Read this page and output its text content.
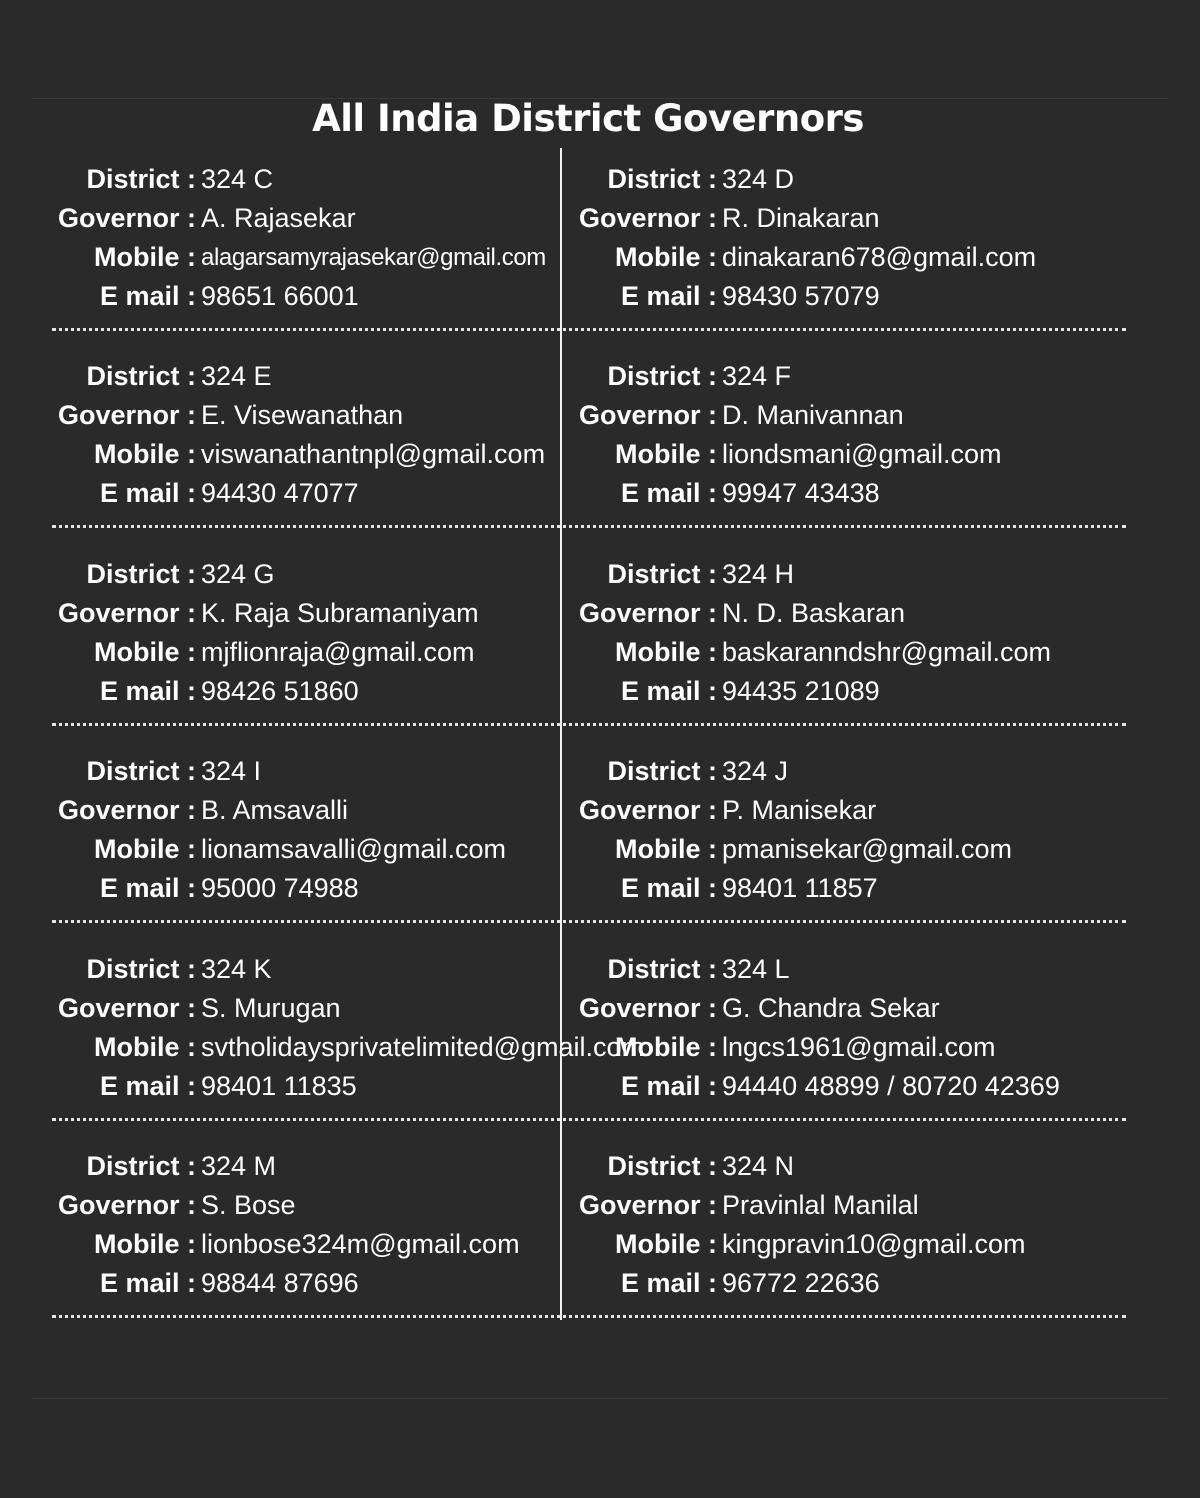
All India District Governors
District : 324 C
Governor : A. Rajasekar
Mobile : alagarsamyrajasekar@gmail.com
E mail : 98651 66001
District : 324 D
Governor : R. Dinakaran
Mobile : dinakaran678@gmail.com
E mail : 98430 57079
District : 324 E
Governor : E. Visewanathan
Mobile : viswanathantnpl@gmail.com
E mail : 94430 47077
District : 324 F
Governor : D. Manivannan
Mobile : liondsmani@gmail.com
E mail : 99947 43438
District : 324 G
Governor : K. Raja Subramaniyam
Mobile : mjflionraja@gmail.com
E mail : 98426 51860
District : 324 H
Governor : N. D. Baskaran
Mobile : baskaranndshr@gmail.com
E mail : 94435 21089
District : 324 I
Governor : B. Amsavalli
Mobile : lionamsavalli@gmail.com
E mail : 95000 74988
District : 324 J
Governor : P. Manisekar
Mobile : pmanisekar@gmail.com
E mail : 98401 11857
District : 324 K
Governor : S. Murugan
Mobile : svtholidaysprivatelimited@gmail.com
E mail : 98401 11835
District : 324 L
Governor : G. Chandra Sekar
Mobile : lngcs1961@gmail.com
E mail : 94440 48899 / 80720 42369
District : 324 M
Governor : S. Bose
Mobile : lionbose324m@gmail.com
E mail : 98844 87696
District : 324 N
Governor : Pravinlal Manilal
Mobile : kingpravin10@gmail.com
E mail : 96772 22636
